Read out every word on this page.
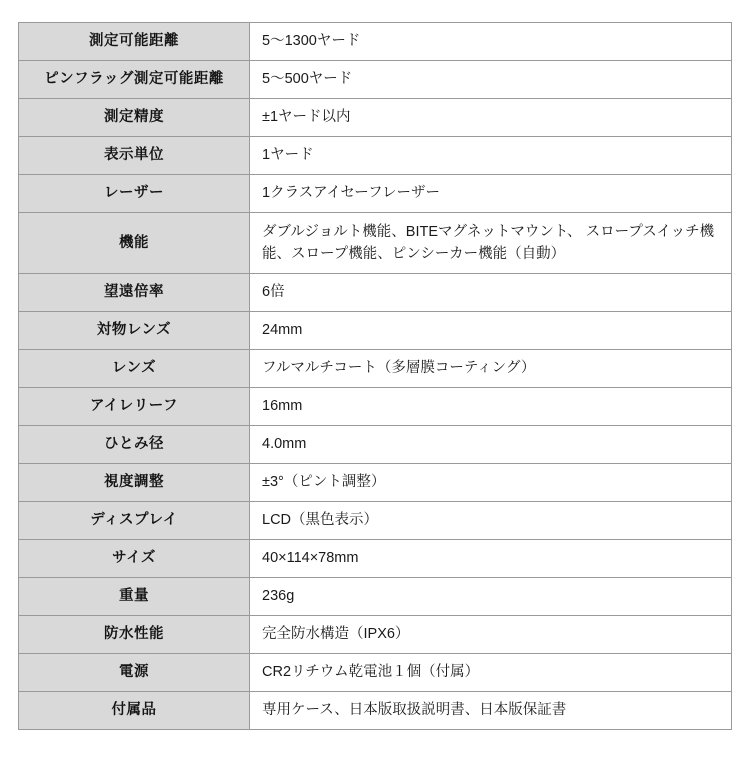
測定可能距離	5〜1300ヤード
ピンフラッグ測定可能距離	5〜500ヤード
測定精度	±1ヤード以内
表示単位	1ヤード
レーザー	1クラスアイセーフレーザー
機能	ダブルジョルト機能、BITEマグネットマウント、 スロープスイッチ機能、スロープ機能、ピンシーカー機能（自動）
望遠倍率	6倍
対物レンズ	24mm
レンズ	フルマルチコート（多層膜コーティング）
アイレリーフ	16mm
ひとみ径	4.0mm
視度調整	±3°（ピント調整）
ディスプレイ	LCD（黒色表示）
サイズ	40×114×78mm
重量	236g
防水性能	完全防水構造（IPX6）
電源	CR2リチウム乾電池１個（付属）
付属品	専用ケース、日本版取扱説明書、日本版保証書
